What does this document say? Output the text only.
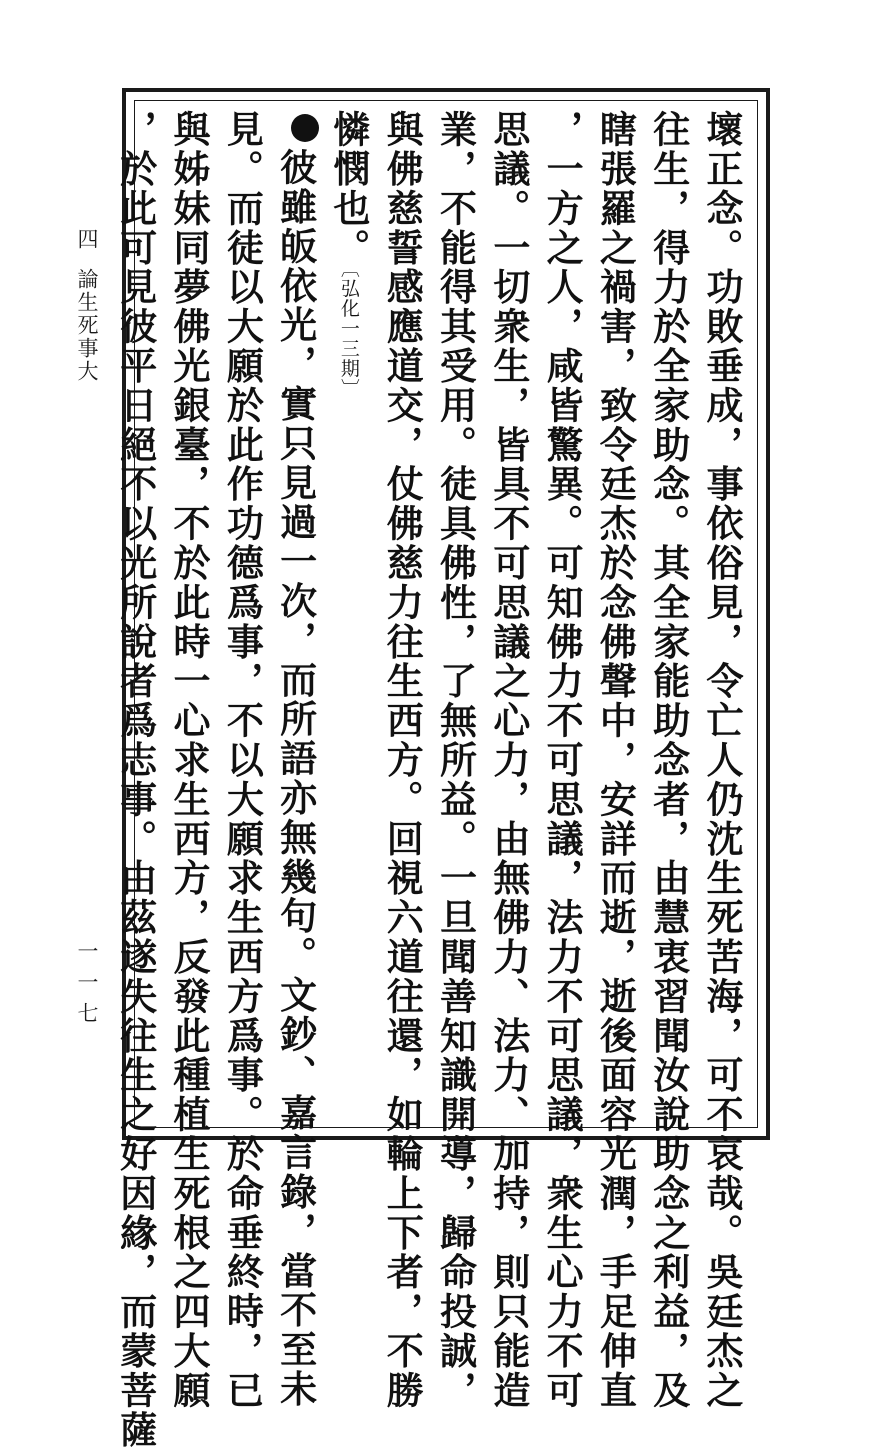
四
論生死事大
一一七	壞正念。功敗垂成，事依俗見，令亡人仍沈生死苦海，可不哀哉。吳廷杰之
往生，得力於全家助念。其全家能助念者，由慧衷習聞汝說助念之利益，及
瞎張羅之禍害，致令廷杰於念佛聲中，安詳而逝，逝後面容光潤，手足伸直
，一方之人，咸皆驚異。可知佛力不可思議，法力不可思議，衆生心力不可
思議。一切衆生，皆具不可思議之心力，由無佛力、法力、加持，則只能造
業，不能得其受用。徒具佛性，了無所益。一旦聞善知識開導，歸命投誠，
與佛慈誓感應道交，仗佛慈力往生西方。回視六道往還，如輪上下者，不勝
憐憫也。〔弘化一三期〕
彼雖皈依光，實只見過一次，而所語亦無幾句。文鈔、嘉言錄，當不至未
見。而徒以大願於此作功德爲事，不以大願求生西方爲事。於命垂終時，已
與姊妹同夢佛光銀臺，不於此時一心求生西方，反發此種植生死根之四大願
，於此可見彼平日絕不以光所說者爲志事。由茲遂失往生之好因緣，而蒙菩薩
